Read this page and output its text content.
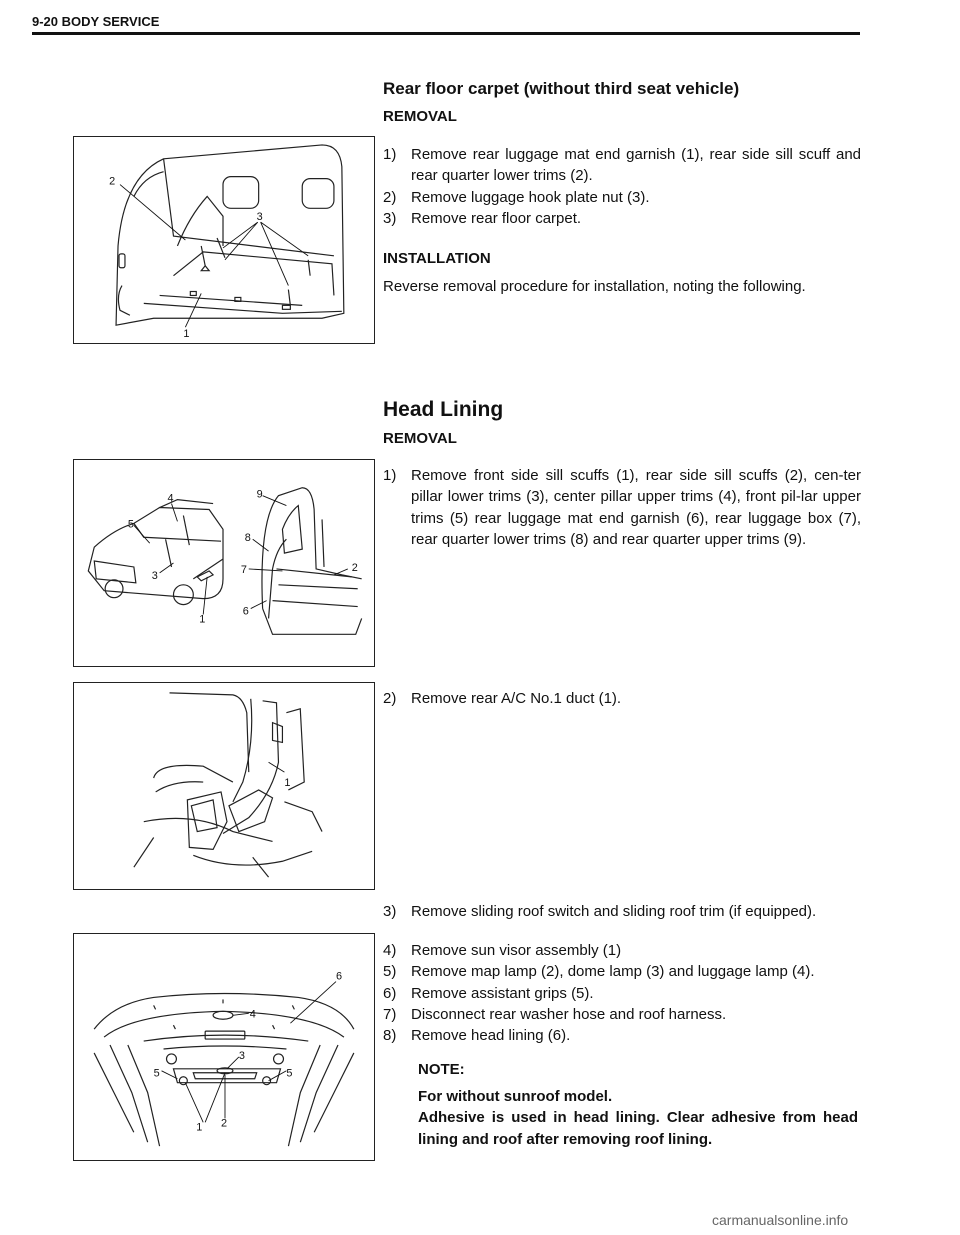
9-20 BODY SERVICE
Rear floor carpet (without third seat vehicle)
REMOVAL
1) Remove rear luggage mat end garnish (1), rear side sill scuff and rear quarter lower trims (2).
2) Remove luggage hook plate nut (3).
3) Remove rear floor carpet.
INSTALLATION
Reverse removal procedure for installation, noting the following.
2
3
1
Head Lining
REMOVAL
1) Remove front side sill scuffs (1), rear side sill scuffs (2), cen-ter pillar lower trims (3), center pillar upper trims (4), front pil-lar upper trims (5) rear luggage mat end garnish (6), rear luggage box (7), rear quarter lower trims (8) and rear quarter upper trims (9).
4
5
3
1
9
8
7	2
6
2) Remove rear A/C No.1 duct (1).
1
3) Remove sliding roof switch and sliding roof trim (if equipped).
4) Remove sun visor assembly (1)
5) Remove map lamp (2), dome lamp (3) and luggage lamp (4).
6) Remove assistant grips (5).
7) Disconnect rear washer hose and roof harness.
8) Remove head lining (6).
6
4
3
5	5
1 2
NOTE:
For without sunroof model.
Adhesive is used in head lining. Clear adhesive from head lining and roof after removing roof lining.
carmanualsonline.info
